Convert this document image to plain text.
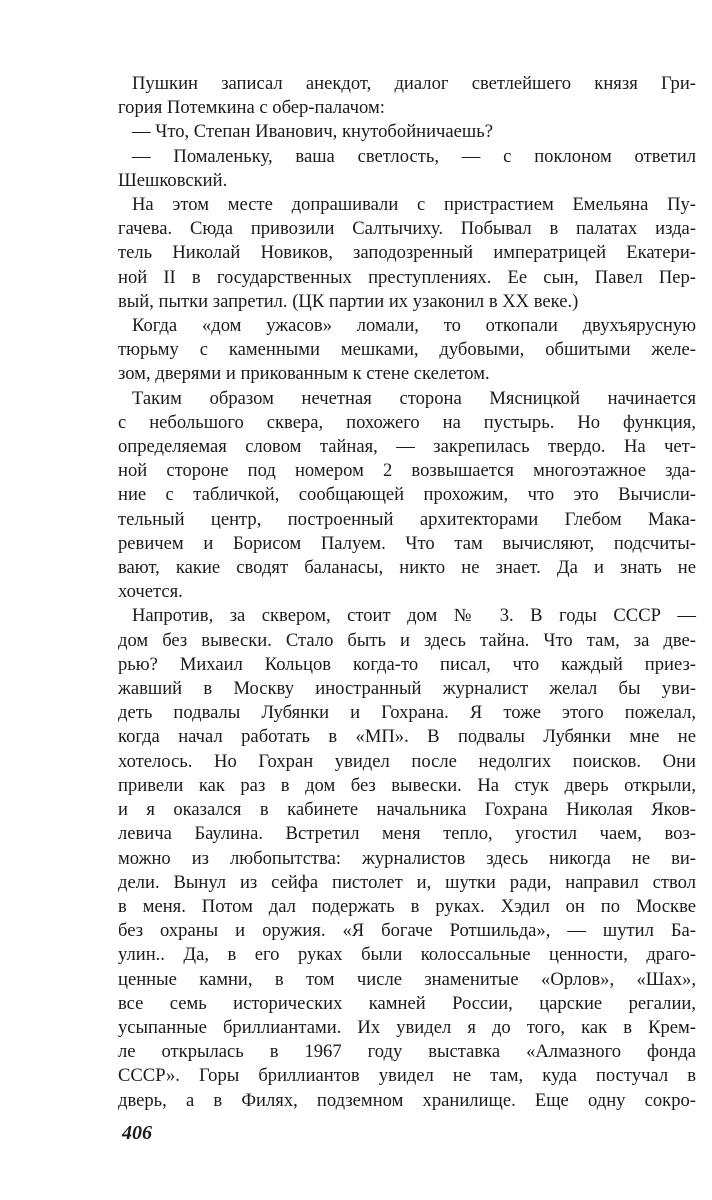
Пушкин записал анекдот, диалог светлейшего князя Гри-
гория Потемкина с обер-палачом:
— Что, Степан Иванович, кнутобойничаешь?
— Помаленьку, ваша светлость, — с поклоном ответил
Шешковский.
На этом месте допрашивали с пристрастием Емельяна Пу-
гачева. Сюда привозили Салтычиху. Побывал в палатах изда-
тель Николай Новиков, заподозренный императрицей Екатери-
ной II в государственных преступлениях. Ее сын, Павел Пер-
вый, пытки запретил. (ЦК партии их узаконил в XX веке.)
Когда «дом ужасов» ломали, то откопали двухъярусную
тюрьму с каменными мешками, дубовыми, обшитыми желе-
зом, дверями и прикованным к стене скелетом.
Таким образом нечетная сторона Мясницкой начинается
с небольшого сквера, похожего на пустырь. Но функция,
определяемая словом тайная, — закрепилась твердо. На чет-
ной стороне под номером 2 возвышается многоэтажное зда-
ние с табличкой, сообщающей прохожим, что это Вычисли-
тельный центр, построенный архитекторами Глебом Мака-
ревичем и Борисом Палуем. Что там вычисляют, подсчиты-
вают, какие сводят баланасы, никто не знает. Да и знать не
хочется.
Напротив, за сквером, стоит дом № 3. В годы СССР —
дом без вывески. Стало быть и здесь тайна. Что там, за две-
рью? Михаил Кольцов когда-то писал, что каждый приез-
жавший в Москву иностранный журналист желал бы уви-
деть подвалы Лубянки и Гохрана. Я тоже этого пожелал,
когда начал работать в «МП». В подвалы Лубянки мне не
хотелось. Но Гохран увидел после недолгих поисков. Они
привели как раз в дом без вывески. На стук дверь открыли,
и я оказался в кабинете начальника Гохрана Николая Яков-
левича Баулина. Встретил меня тепло, угостил чаем, воз-
можно из любопытства: журналистов здесь никогда не ви-
дели. Вынул из сейфа пистолет и, шутки ради, направил ствол
в меня. Потом дал подержать в руках. Хэдил он по Москве
без охраны и оружия. «Я богаче Ротшильда», — шутил Ба-
улин.. Да, в его руках были колоссальные ценности, драго-
ценные камни, в том числе знаменитые «Орлов», «Шах»,
все семь исторических камней России, царские регалии,
усыпанные бриллиантами. Их увидел я до того, как в Крем-
ле открылась в 1967 году выставка «Алмазного фонда
СССР». Горы бриллиантов увидел не там, куда постучал в
дверь, а в Филях, подземном хранилище. Еще одну сокро-
406
